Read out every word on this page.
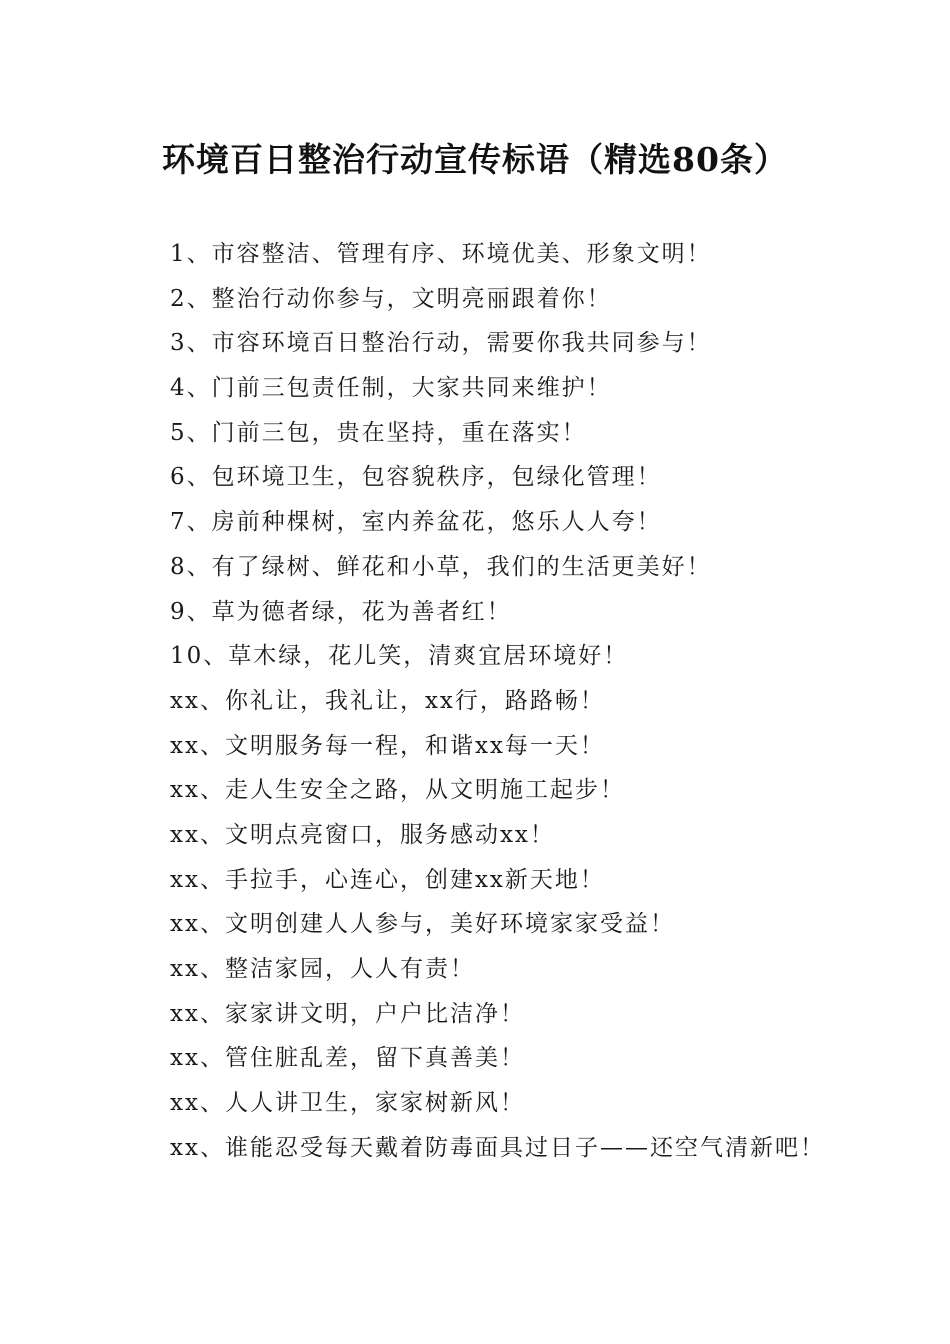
环境百日整治行动宣传标语（精选80条）
1、市容整洁、管理有序、环境优美、形象文明！
2、整治行动你参与，文明亮丽跟着你！
3、市容环境百日整治行动，需要你我共同参与！
4、门前三包责任制，大家共同来维护！
5、门前三包，贵在坚持，重在落实！
6、包环境卫生，包容貌秩序，包绿化管理！
7、房前种棵树，室内养盆花，悠乐人人夸！
8、有了绿树、鲜花和小草，我们的生活更美好！
9、草为德者绿，花为善者红！
10、草木绿，花儿笑，清爽宜居环境好！
xx、你礼让，我礼让，xx行，路路畅！
xx、文明服务每一程，和谐xx每一天！
xx、走人生安全之路，从文明施工起步！
xx、文明点亮窗口，服务感动xx！
xx、手拉手，心连心，创建xx新天地！
xx、文明创建人人参与，美好环境家家受益！
xx、整洁家园，人人有责！
xx、家家讲文明，户户比洁净！
xx、管住脏乱差，留下真善美！
xx、人人讲卫生，家家树新风！
xx、谁能忍受每天戴着防毒面具过日子——还空气清新吧！
